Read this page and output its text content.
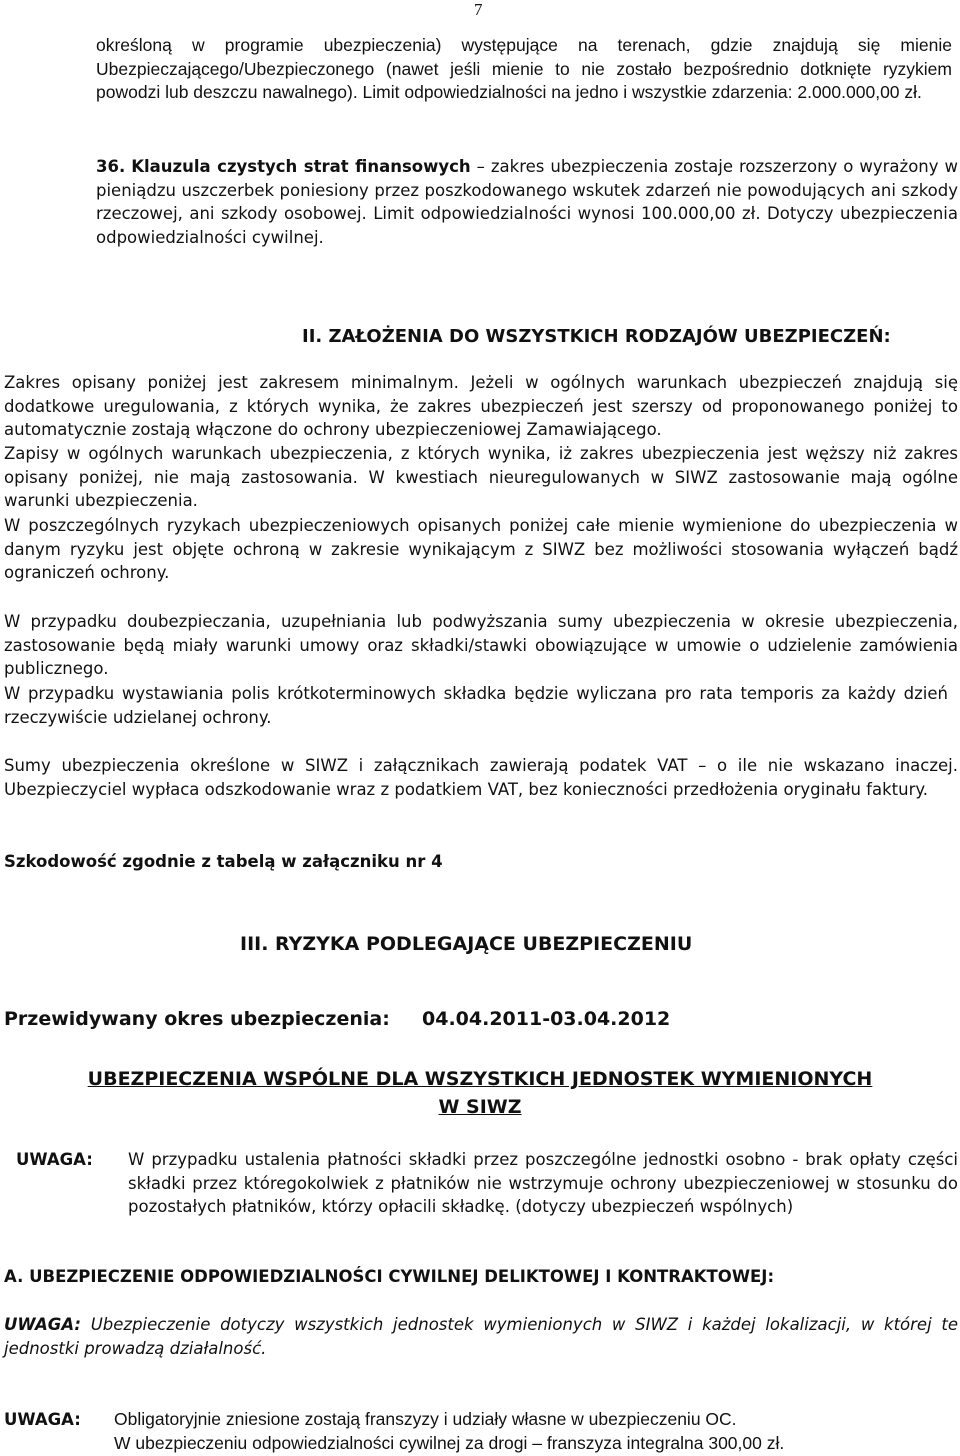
7

określoną w programie ubezpieczenia) występujące na terenach, gdzie znajdują się mienie Ubezpieczającego/Ubezpieczonego (nawet jeśli mienie to nie zostało bezpośrednio dotknięte ryzykiem powodzi lub deszczu nawalnego). Limit odpowiedzialności na jedno i wszystkie zdarzenia: 2.000.000,00 zł.

36. Klauzula czystych strat finansowych – zakres ubezpieczenia zostaje rozszerzony o wyrażony w pieniądzu uszczerbek poniesiony przez poszkodowanego wskutek zdarzeń nie powodujących ani szkody rzeczowej, ani szkody osobowej. Limit odpowiedzialności wynosi 100.000,00 zł. Dotyczy ubezpieczenia odpowiedzialności cywilnej.

II. ZAŁOŻENIA DO WSZYSTKICH RODZAJÓW UBEZPIECZEŃ:

Zakres opisany poniżej jest zakresem minimalnym. Jeżeli w ogólnych warunkach ubezpieczeń znajdują się dodatkowe uregulowania, z których wynika, że zakres ubezpieczeń jest szerszy od proponowanego poniżej to automatycznie zostają włączone do ochrony ubezpieczeniowej Zamawiającego.

Zapisy w ogólnych warunkach ubezpieczenia, z których wynika, iż zakres ubezpieczenia jest węższy niż zakres opisany poniżej, nie mają zastosowania. W kwestiach nieuregulowanych w SIWZ zastosowanie mają ogólne warunki ubezpieczenia.

W poszczególnych ryzykach ubezpieczeniowych opisanych poniżej całe mienie wymienione do ubezpieczenia w danym ryzyku jest objęte ochroną w zakresie wynikającym z SIWZ bez możliwości stosowania wyłączeń bądź ograniczeń ochrony.

W przypadku doubezpieczania, uzupełniania lub podwyższania sumy ubezpieczenia w okresie ubezpieczenia, zastosowanie będą miały warunki umowy oraz składki/stawki obowiązujące w umowie o udzielenie zamówienia publicznego.

W przypadku wystawiania polis krótkoterminowych składka będzie wyliczana pro rata temporis za każdy dzień rzeczywiście udzielanej ochrony.

Sumy ubezpieczenia określone w SIWZ i załącznikach zawierają podatek VAT – o ile nie wskazano inaczej. Ubezpieczyciel wypłaca odszkodowanie wraz z podatkiem VAT, bez konieczności przedłożenia oryginału faktury.

Szkodowość zgodnie z tabelą w załączniku nr 4

III. RYZYKA PODLEGAJĄCE UBEZPIECZENIU
Przewidywany okres ubezpieczenia: 04.04.2011-03.04.2012
UBEZPIECZENIA WSPÓLNE DLA WSZYSTKICH JEDNOSTEK WYMIENIONYCH
W SIWZ
UWAGA:	W przypadku ustalenia płatności składki przez poszczególne jednostki osobno - brak opłaty części składki przez któregokolwiek z płatników nie wstrzymuje ochrony ubezpieczeniowej w stosunku do pozostałych płatników, którzy opłacili składkę. (dotyczy ubezpieczeń wspólnych)
A. UBEZPIECZENIE ODPOWIEDZIALNOŚCI CYWILNEJ DELIKTOWEJ I KONTRAKTOWEJ:

UWAGA: Ubezpieczenie dotyczy wszystkich jednostek wymienionych w SIWZ i każdej lokalizacji, w której te jednostki prowadzą działalność.

UWAGA: Obligatoryjnie zniesione zostają franszyzy i udziały własne w ubezpieczeniu OC.
W ubezpieczeniu odpowiedzialności cywilnej za drogi – franszyza integralna 300,00 zł.
